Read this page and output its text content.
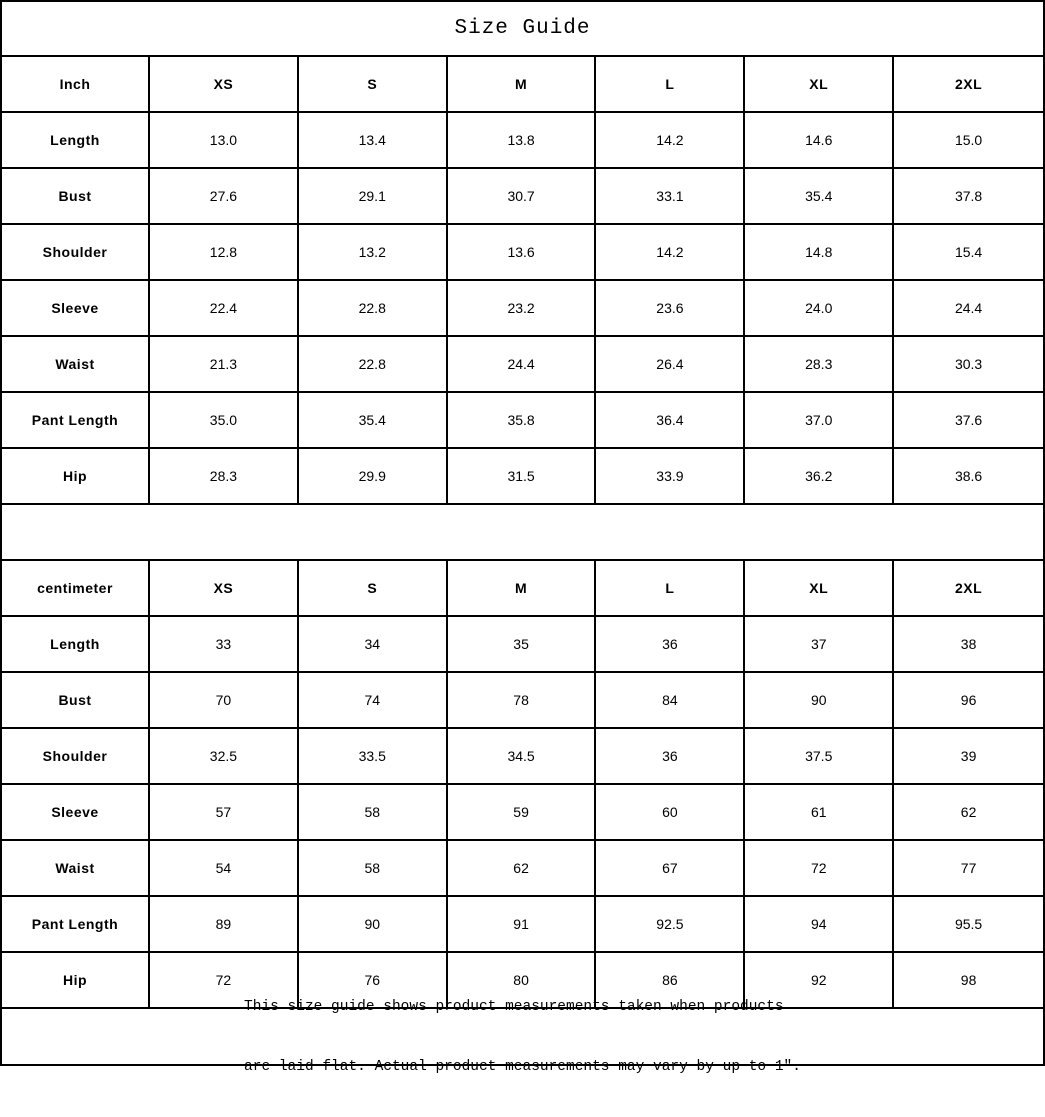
Size Guide
Inch	XS	S	M	L	XL	2XL
Length	13.0	13.4	13.8	14.2	14.6	15.0
Bust	27.6	29.1	30.7	33.1	35.4	37.8
Shoulder	12.8	13.2	13.6	14.2	14.8	15.4
Sleeve	22.4	22.8	23.2	23.6	24.0	24.4
Waist	21.3	22.8	24.4	26.4	28.3	30.3
Pant Length	35.0	35.4	35.8	36.4	37.0	37.6
Hip	28.3	29.9	31.5	33.9	36.2	38.6
centimeter	XS	S	M	L	XL	2XL
Length	33	34	35	36	37	38
Bust	70	74	78	84	90	96
Shoulder	32.5	33.5	34.5	36	37.5	39
Sleeve	57	58	59	60	61	62
Waist	54	58	62	67	72	77
Pant Length	89	90	91	92.5	94	95.5
Hip	72	76	80	86	92	98

This size guide shows product measurements taken when products

are laid flat. Actual product measurements may vary by up to 1″.
